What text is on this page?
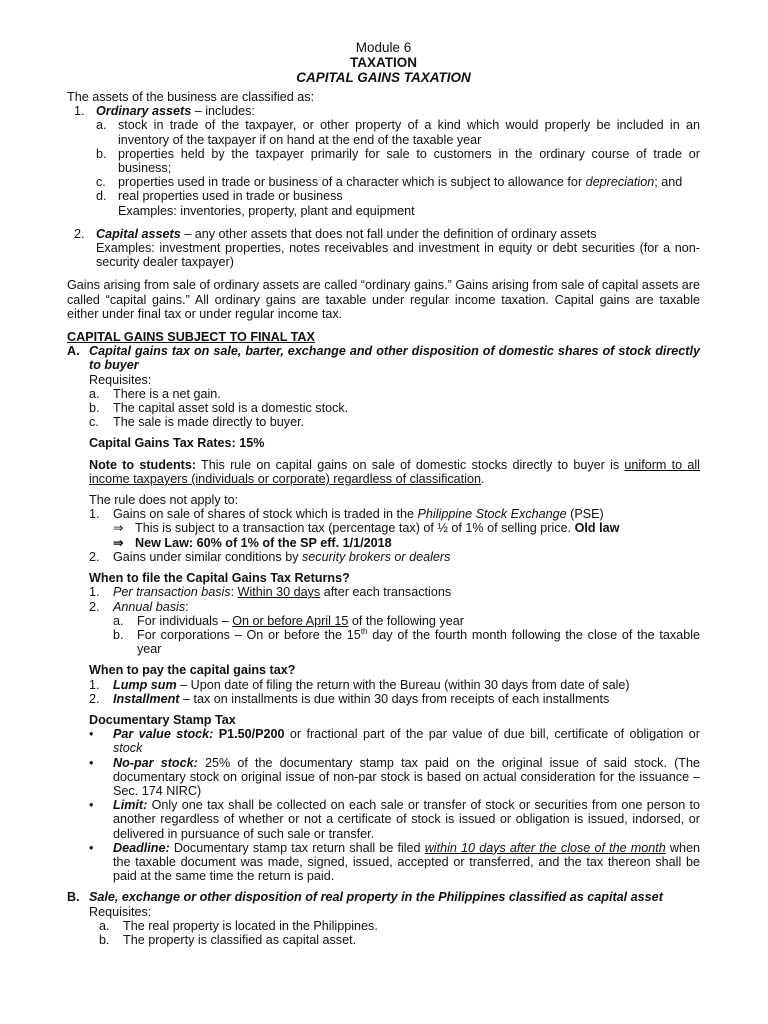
Module 6
TAXATION
CAPITAL GAINS TAXATION

The assets of the business are classified as:

1. Ordinary assets – includes:
a. stock in trade of the taxpayer, or other property of a kind which would properly be included in an inventory of the taxpayer if on hand at the end of the taxable year
b. properties held by the taxpayer primarily for sale to customers in the ordinary course of trade or business;
c. properties used in trade or business of a character which is subject to allowance for depreciation; and
d. real properties used in trade or business
Examples: inventories, property, plant and equipment
2. Capital assets – any other assets that does not fall under the definition of ordinary assets
Examples: investment properties, notes receivables and investment in equity or debt securities (for a non-security dealer taxpayer)

Gains arising from sale of ordinary assets are called “ordinary gains.” Gains arising from sale of capital assets are called “capital gains.” All ordinary gains are taxable under regular income taxation. Capital gains are taxable either under final tax or under regular income tax.

CAPITAL GAINS SUBJECT TO FINAL TAX

A. Capital gains tax on sale, barter, exchange and other disposition of domestic shares of stock directly to buyer
Requisites:
a.	There is a net gain.
b.	The capital asset sold is a domestic stock.
c.	The sale is made directly to buyer.
Capital Gains Tax Rates: 15%
Note to students: This rule on capital gains on sale of domestic stocks directly to buyer is uniform to all income taxpayers (individuals or corporate) regardless of classification.
The rule does not apply to:
1.	Gains on sale of shares of stock which is traded in the Philippine Stock Exchange (PSE)
⇒ This is subject to a transaction tax (percentage tax) of ½ of 1% of selling price. Old law
⇒ New Law: 60% of 1% of the SP eff. 1/1/2018
2.	Gains under similar conditions by security brokers or dealers
When to file the Capital Gains Tax Returns?
1.	Per transaction basis: Within 30 days after each transactions
2.	Annual basis:
a.	For individuals – On or before April 15 of the following year
b.	For corporations – On or before the 15th day of the fourth month following the close of the taxable year
When to pay the capital gains tax?
1.	Lump sum – Upon date of filing the return with the Bureau (within 30 days from date of sale)
2.	Installment – tax on installments is due within 30 days from receipts of each installments
Documentary Stamp Tax
•	Par value stock: P1.50/P200 or fractional part of the par value of due bill, certificate of obligation or stock
•	No-par stock: 25% of the documentary stamp tax paid on the original issue of said stock. (The documentary stock on original issue of non-par stock is based on actual consideration for the issuance – Sec. 174 NIRC)
•	Limit: Only one tax shall be collected on each sale or transfer of stock or securities from one person to another regardless of whether or not a certificate of stock is issued or obligation is issued, indorsed, or delivered in pursuance of such sale or transfer.
•	Deadline: Documentary stamp tax return shall be filed within 10 days after the close of the month when the taxable document was made, signed, issued, accepted or transferred, and the tax thereon shall be paid at the same time the return is paid.
B. Sale, exchange or other disposition of real property in the Philippines classified as capital asset
Requisites:
a.	The real property is located in the Philippines.
b.	The property is classified as capital asset.
